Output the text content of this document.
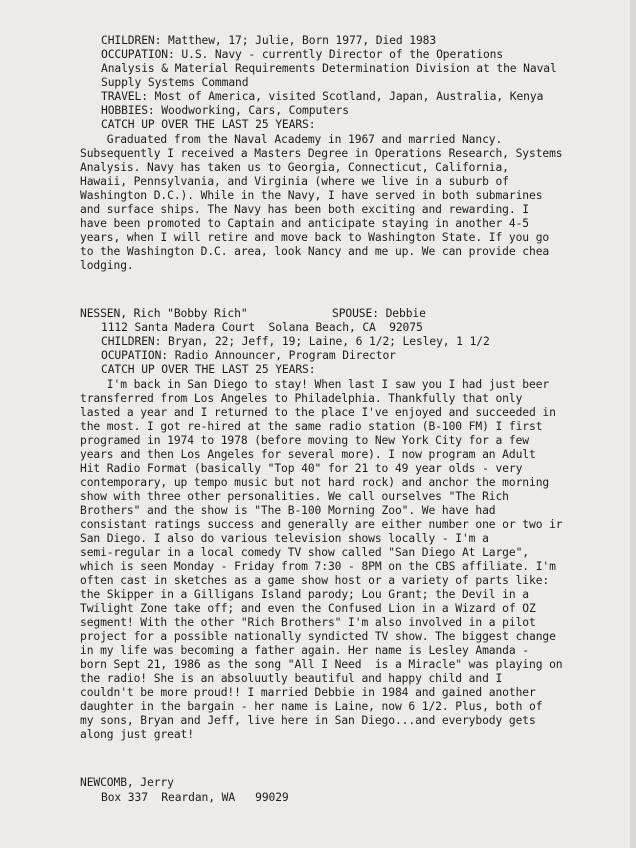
CHILDREN: Matthew, 17; Julie, Born 1977, Died 1983
OCCUPATION: U.S. Navy - currently Director of the Operations
Analysis & Material Requirements Determination Division at the Naval
Supply Systems Command
TRAVEL: Most of America, visited Scotland, Japan, Australia, Kenya
HOBBIES: Woodworking, Cars, Computers
CATCH UP OVER THE LAST 25 YEARS:
Graduated from the Naval Academy in 1967 and married Nancy.
Subsequently I received a Masters Degree in Operations Research, Systems
Analysis. Navy has taken us to Georgia, Connecticut, California,
Hawaii, Pennsylvania, and Virginia (where we live in a suburb of
Washington D.C.). While in the Navy, I have served in both submarines
and surface ships. The Navy has been both exciting and rewarding. I
have been promoted to Captain and anticipate staying in another 4-5
years, when I will retire and move back to Washington State. If you go
to the Washington D.C. area, look Nancy and me up. We can provide chea
lodging.
NESSEN, Rich "Bobby Rich"	SPOUSE: Debbie
1112 Santa Madera Court  Solana Beach, CA  92075
CHILDREN: Bryan, 22; Jeff, 19; Laine, 6 1/2; Lesley, 1 1/2
OCUPATION: Radio Announcer, Program Director
CATCH UP OVER THE LAST 25 YEARS:
I'm back in San Diego to stay! When last I saw you I had just beer
transferred from Los Angeles to Philadelphia. Thankfully that only
lasted a year and I returned to the place I've enjoyed and succeeded in
the most. I got re-hired at the same radio station (B-100 FM) I first
programed in 1974 to 1978 (before moving to New York City for a few
years and then Los Angeles for several more). I now program an Adult
Hit Radio Format (basically "Top 40" for 21 to 49 year olds - very
contemporary, up tempo music but not hard rock) and anchor the morning
show with three other personalities. We call ourselves "The Rich
Brothers" and the show is "The B-100 Morning Zoo". We have had
consistant ratings success and generally are either number one or two ir
San Diego. I also do various television shows locally - I'm a
semi-regular in a local comedy TV show called "San Diego At Large",
which is seen Monday - Friday from 7:30 - 8PM on the CBS affiliate. I'm
often cast in sketches as a game show host or a variety of parts like:
the Skipper in a Gilligans Island parody; Lou Grant; the Devil in a
Twilight Zone take off; and even the Confused Lion in a Wizard of OZ
segment! With the other "Rich Brothers" I'm also involved in a pilot
project for a possible nationally syndicted TV show. The biggest change
in my life was becoming a father again. Her name is Lesley Amanda -
born Sept 21, 1986 as the song "All I Need  is a Miracle" was playing on
the radio! She is an absoluutly beautiful and happy child and I
couldn't be more proud!! I married Debbie in 1984 and gained another
daughter in the bargain - her name is Laine, now 6 1/2. Plus, both of
my sons, Bryan and Jeff, live here in San Diego...and everybody gets
along just great!
NEWCOMB, Jerry
Box 337  Reardan, WA   99029
